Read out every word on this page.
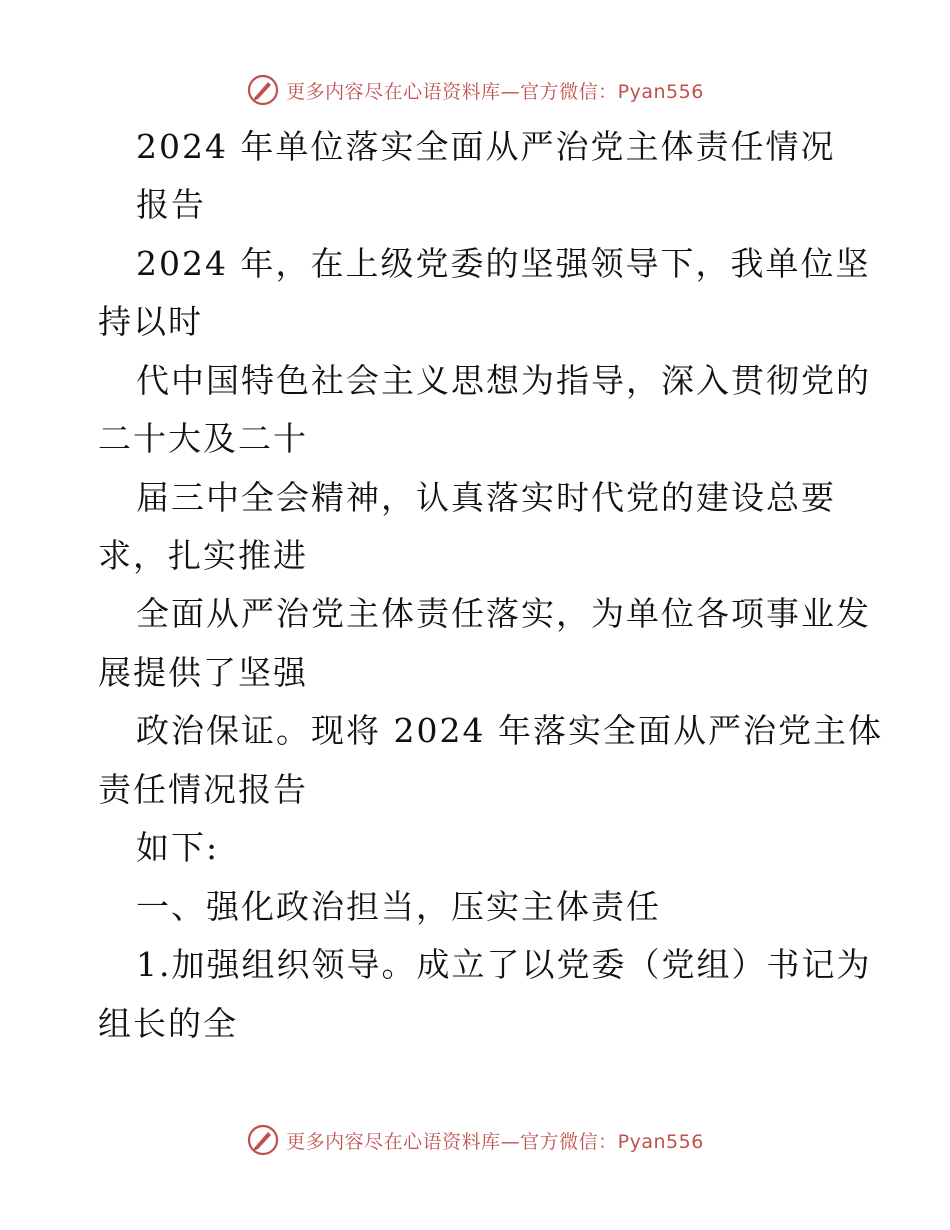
更多内容尽在心语资料库—官方微信：Pyan556
2024 年单位落实全面从严治党主体责任情况
报告
2024 年，在上级党委的坚强领导下，我单位坚
持以时
代中国特色社会主义思想为指导，深入贯彻党的
二十大及二十
届三中全会精神，认真落实时代党的建设总要
求，扎实推进
全面从严治党主体责任落实，为单位各项事业发
展提供了坚强
政治保证。现将 2024 年落实全面从严治党主体
责任情况报告
如下:
一、强化政治担当，压实主体责任
1.加强组织领导。成立了以党委（党组）书记为
组长的全
更多内容尽在心语资料库—官方微信：Pyan556
